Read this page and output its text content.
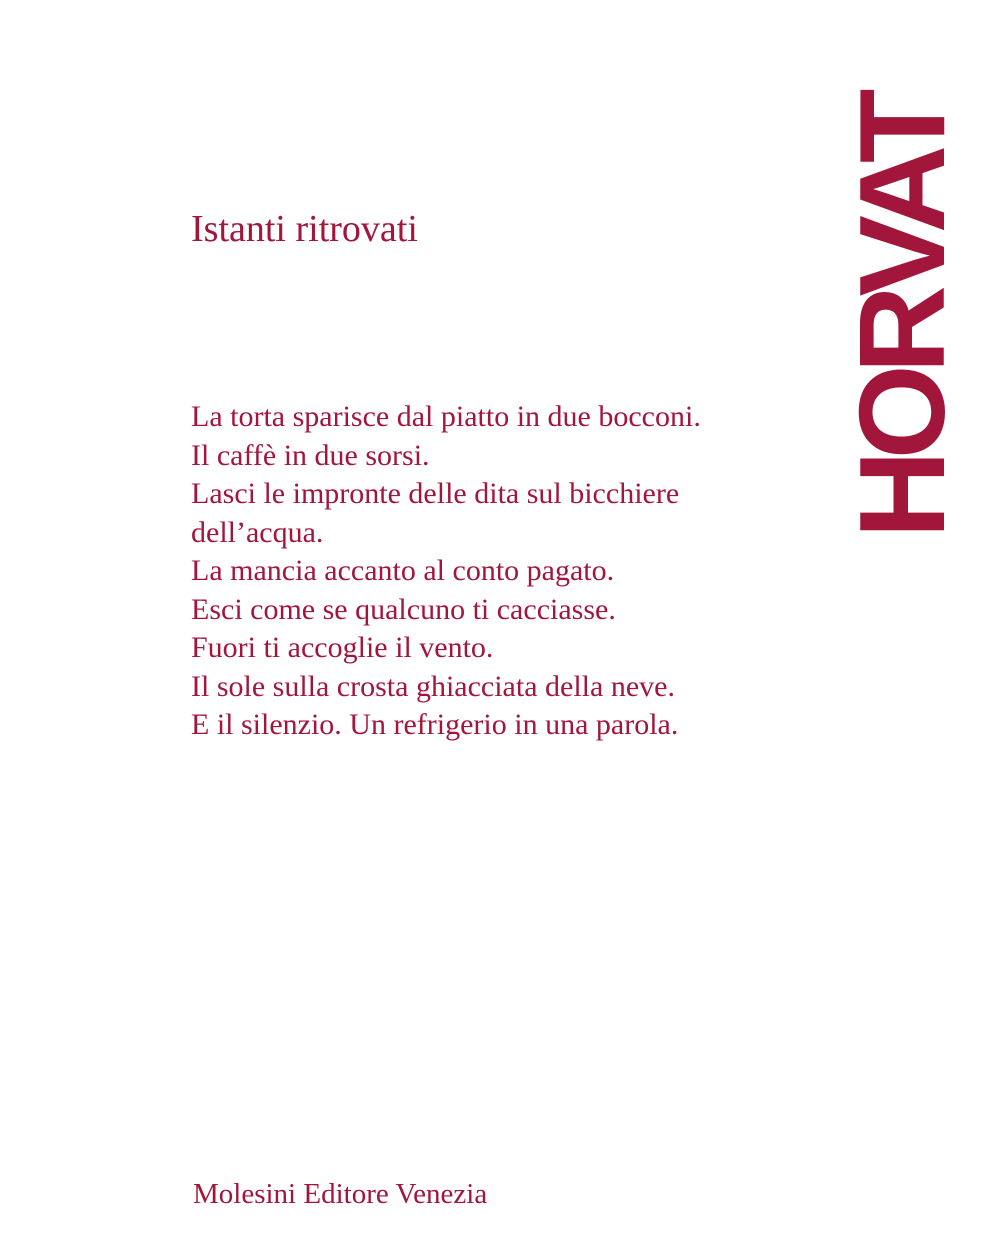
HORVAT
Istanti ritrovati
La torta sparisce dal piatto in due bocconi.
Il caffè in due sorsi.
Lasci le impronte delle dita sul bicchiere
dell’acqua.
La mancia accanto al conto pagato.
Esci come se qualcuno ti cacciasse.
Fuori ti accoglie il vento.
Il sole sulla crosta ghiacciata della neve.
E il silenzio. Un refrigerio in una parola.
Molesini Editore Venezia
